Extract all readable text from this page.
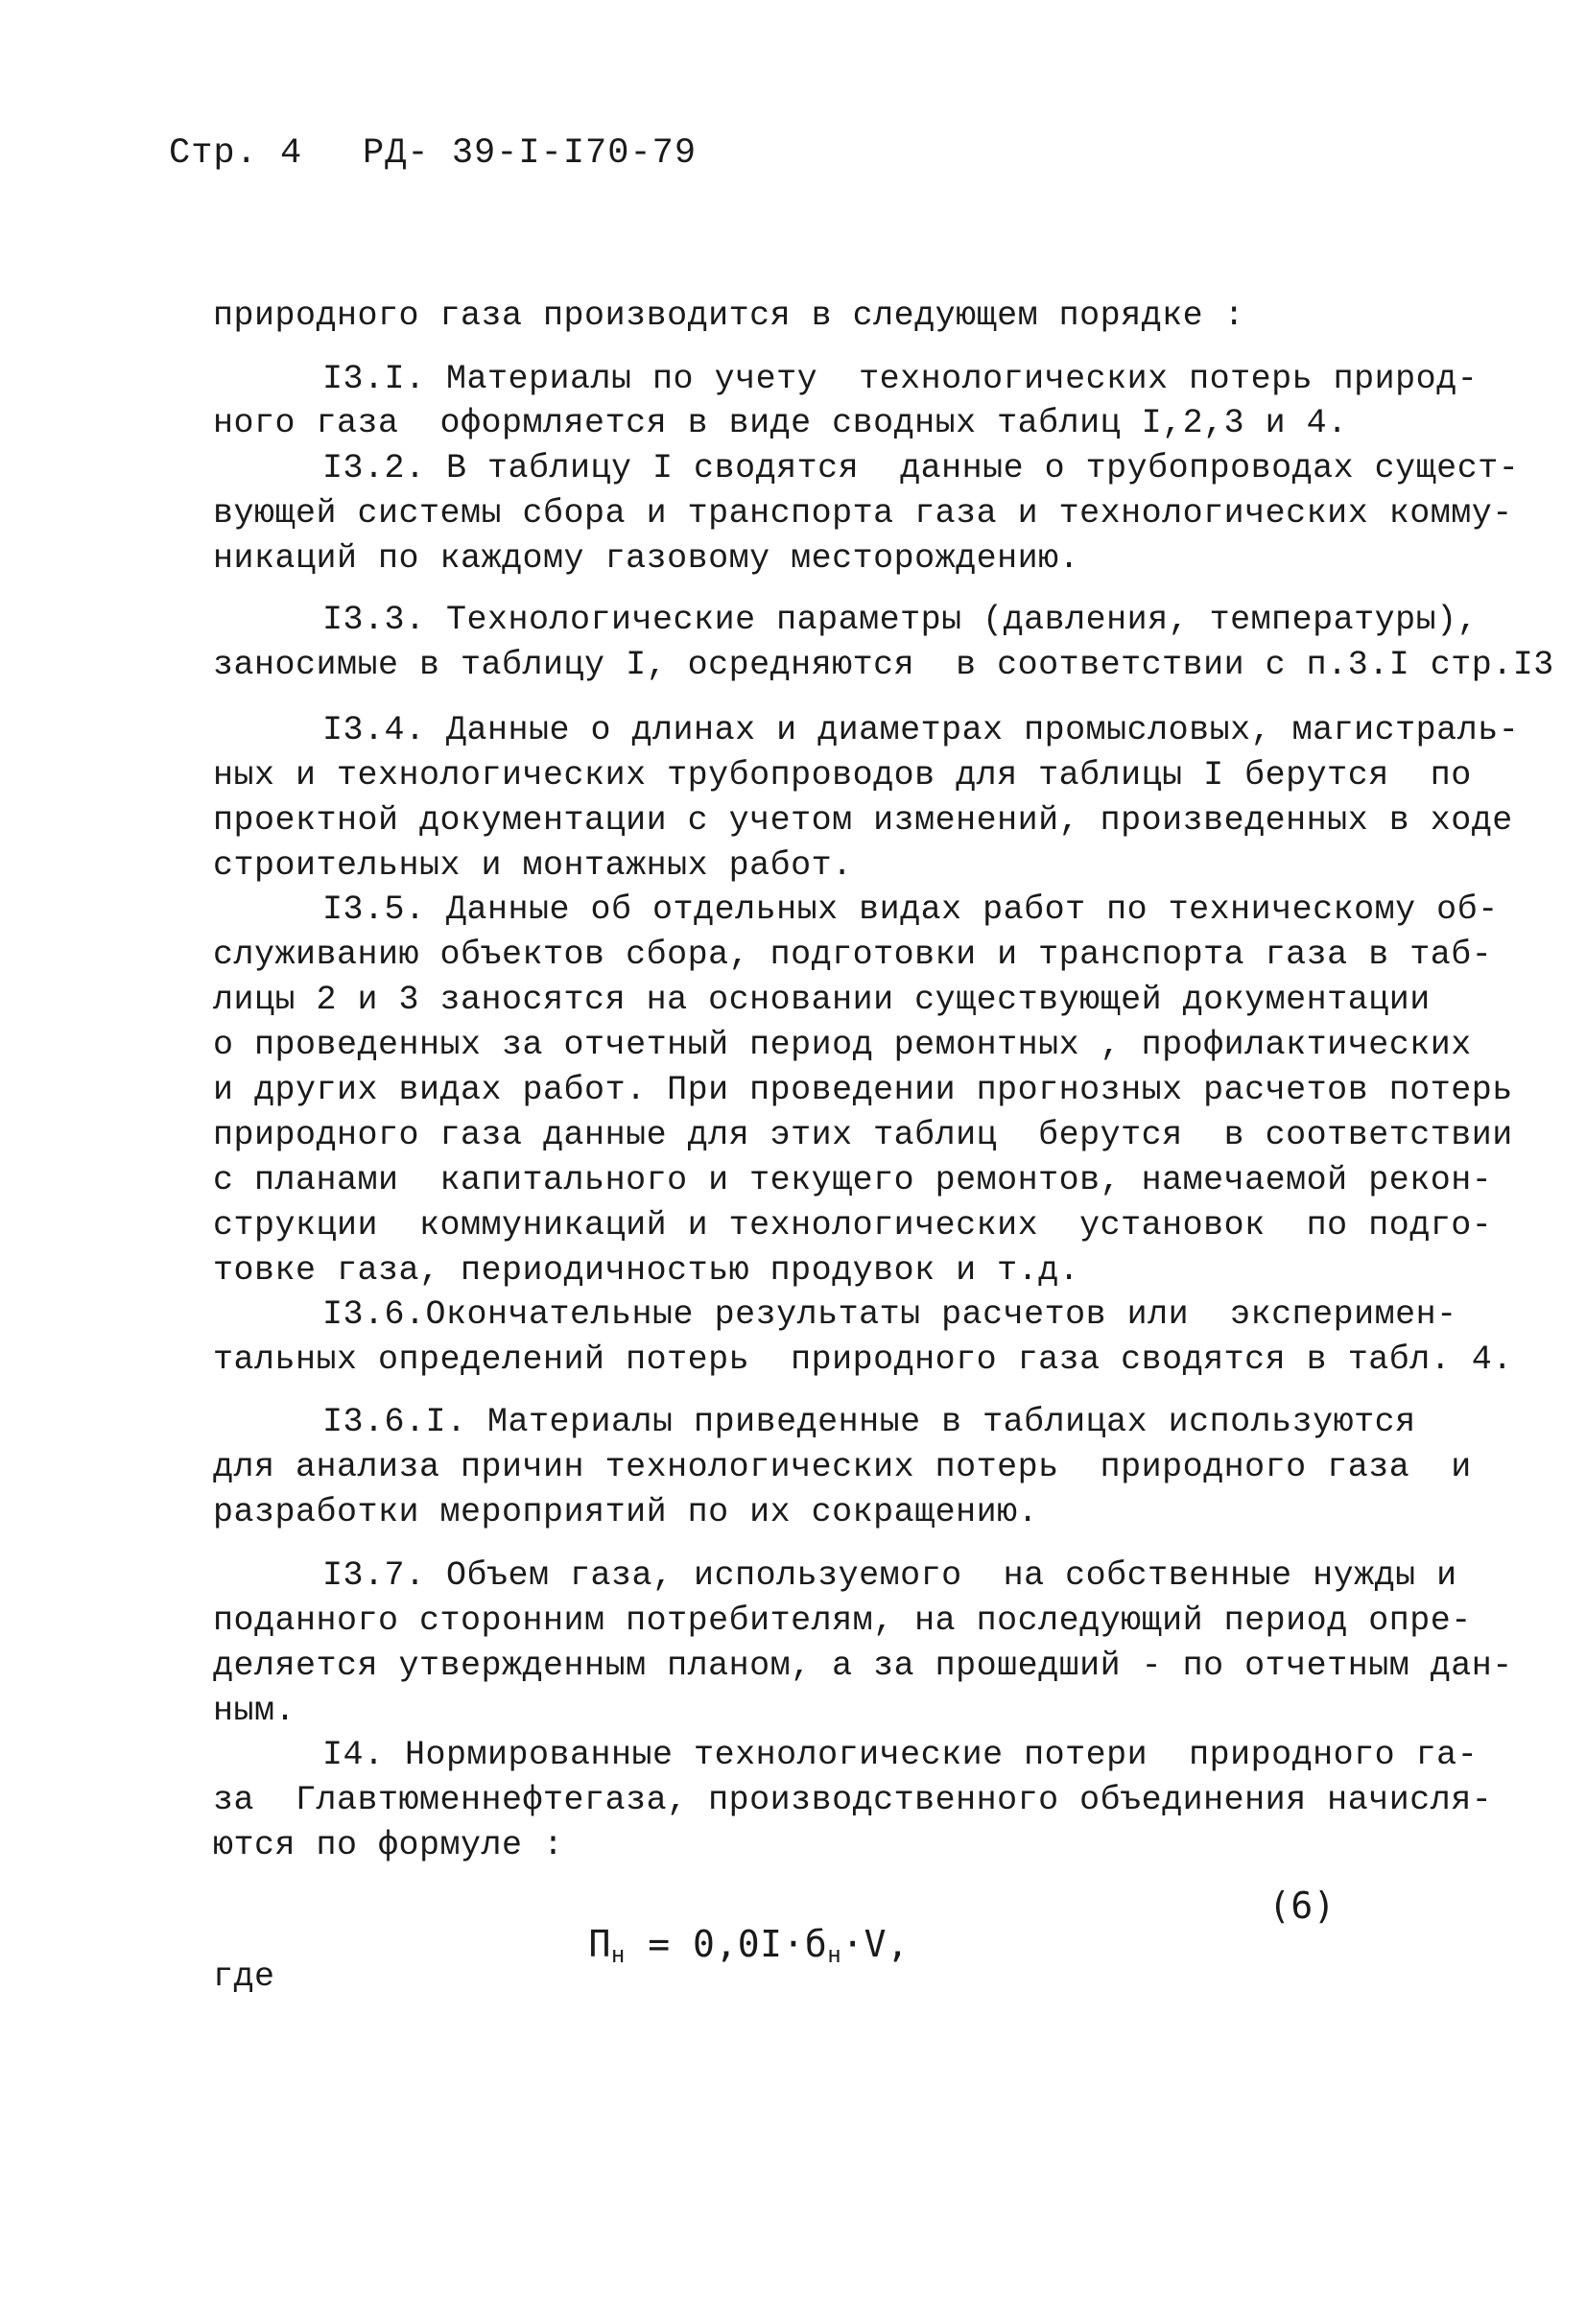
Стр. 4 РД- 39-I-I70-79
природного газа производится в следующем порядке :
I3.I. Материалы по учету  технологических потерь природ-
ного газа  оформляется в виде сводных таблиц I,2,3 и 4.
I3.2. В таблицу I сводятся  данные о трубопроводах сущест-
вующей системы сбора и транспорта газа и технологических комму-
никаций по каждому газовому месторождению.
I3.3. Технологические параметры (давления, температуры),
заносимые в таблицу I, осредняются  в соответствии с п.3.I стр.I3
I3.4. Данные о длинах и диаметрах промысловых, магистраль-
ных и технологических трубопроводов для таблицы I берутся  по
проектной документации с учетом изменений, произведенных в ходе
строительных и монтажных работ.
I3.5. Данные об отдельных видах работ по техническому об-
служиванию объектов сбора, подготовки и транспорта газа в таб-
лицы 2 и 3 заносятся на основании существующей документации
о проведенных за отчетный период ремонтных , профилактических
и других видах работ. При проведении прогнозных расчетов потерь
природного газа данные для этих таблиц  берутся  в соответствии
с планами  капитального и текущего ремонтов, намечаемой рекон-
струкции  коммуникаций и технологических  установок  по подго-
товке газа, периодичностью продувок и т.д.
I3.6.Окончательные результаты расчетов или  эксперимен-
тальных определений потерь  природного газа сводятся в табл. 4.
I3.6.I. Материалы приведенные в таблицах используются
для анализа причин технологических потерь  природного газа  и
разработки мероприятий по их сокращению.
I3.7. Объем газа, используемого  на собственные нужды и
поданного сторонним потребителям, на последующий период опре-
деляется утвержденным планом, а за прошедший - по отчетным дан-
ным.
I4. Нормированные технологические потери  природного га-
за  Главтюменнефтегаза, производственного объединения начисля-
ются по формуле :

$П_н = 0,0I\cdot б_н\cdot V$,

(6)
где
